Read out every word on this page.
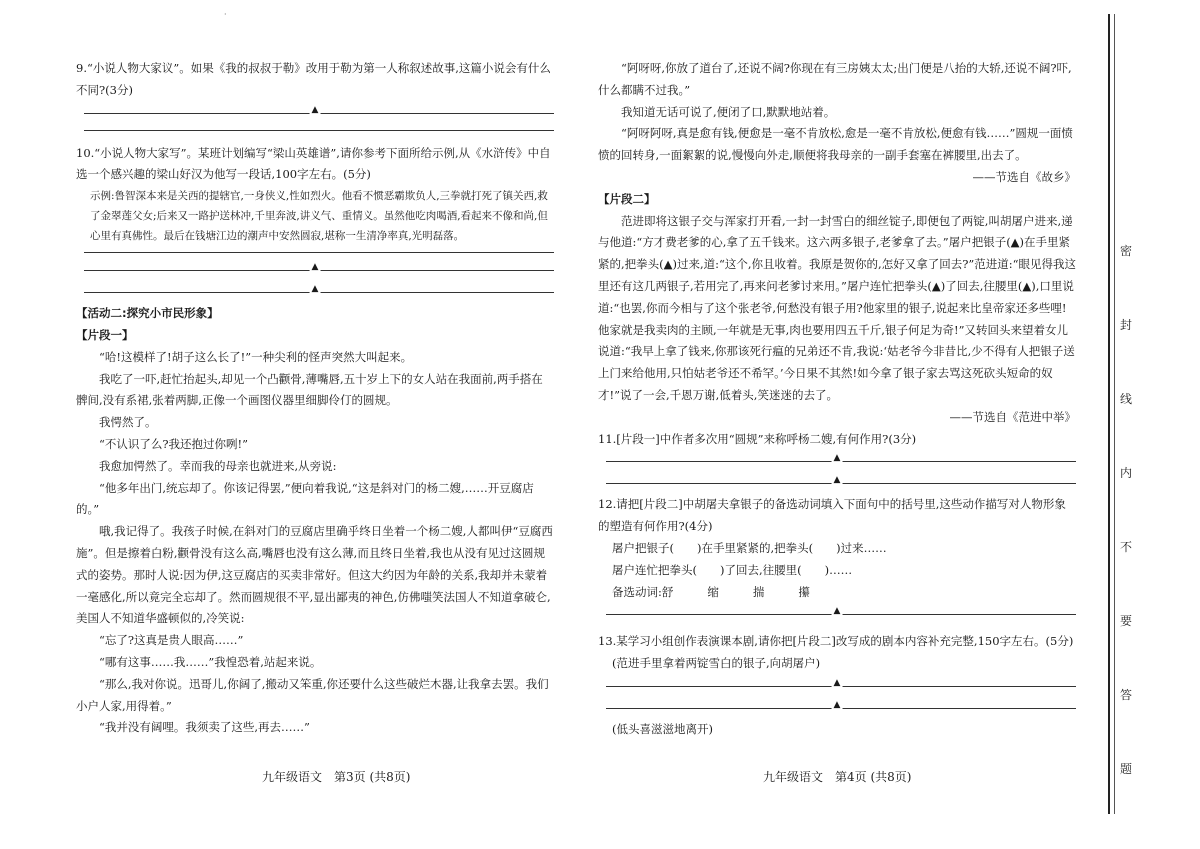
·

9.“小说人物大家议”。如果《我的叔叔于勒》改用于勒为第一人称叙述故事,这篇小说会有什么不同?(3分)

▲

10.“小说人物大家写”。某班计划编写“梁山英雄谱”,请你参考下面所给示例,从《水浒传》中自选一个感兴趣的梁山好汉为他写一段话,100字左右。(5分)

示例:鲁智深本来是关西的提辖官,一身侠义,性如烈火。他看不惯恶霸欺负人,三拳就打死了镇关西,救了金翠莲父女;后来又一路护送林冲,千里奔波,讲义气、重情义。虽然他吃肉喝酒,看起来不像和尚,但心里有真佛性。最后在钱塘江边的潮声中安然圆寂,堪称一生清净率真,光明磊落。

▲
▲

【活动二:探究小市民形象】

【片段一】

“哈!这模样了!胡子这么长了!”一种尖利的怪声突然大叫起来。

我吃了一吓,赶忙抬起头,却见一个凸颧骨,薄嘴唇,五十岁上下的女人站在我面前,两手搭在髀间,没有系裙,张着两脚,正像一个画图仪器里细脚伶仃的圆规。

我愕然了。

“不认识了么?我还抱过你咧!”

我愈加愕然了。幸而我的母亲也就进来,从旁说:

“他多年出门,统忘却了。你该记得罢,”便向着我说,“这是斜对门的杨二嫂,……开豆腐店的。”

哦,我记得了。我孩子时候,在斜对门的豆腐店里确乎终日坐着一个杨二嫂,人都叫伊“豆腐西施”。但是擦着白粉,颧骨没有这么高,嘴唇也没有这么薄,而且终日坐着,我也从没有见过这圆规式的姿势。那时人说:因为伊,这豆腐店的买卖非常好。但这大约因为年龄的关系,我却并未蒙着一毫感化,所以竟完全忘却了。然而圆规很不平,显出鄙夷的神色,仿佛嗤笑法国人不知道拿破仑,美国人不知道华盛顿似的,冷笑说:

“忘了?这真是贵人眼高……”

“哪有这事……我……”我惶恐着,站起来说。

“那么,我对你说。迅哥儿,你阔了,搬动又笨重,你还要什么这些破烂木器,让我拿去罢。我们小户人家,用得着。”

“我并没有阔哩。我须卖了这些,再去……”

“阿呀呀,你放了道台了,还说不阔?你现在有三房姨太太;出门便是八抬的大轿,还说不阔?吓,什么都瞒不过我。”

我知道无话可说了,便闭了口,默默地站着。

“阿呀阿呀,真是愈有钱,便愈是一毫不肯放松,愈是一毫不肯放松,便愈有钱……”圆规一面愤愤的回转身,一面絮絮的说,慢慢向外走,顺便将我母亲的一副手套塞在裤腰里,出去了。

——节选自《故乡》

【片段二】

范进即将这银子交与浑家打开看,一封一封雪白的细丝锭子,即便包了两锭,叫胡屠户进来,递与他道:“方才费老爹的心,拿了五千钱来。这六两多银子,老爹拿了去。”屠户把银子(▲)在手里紧紧的,把拳头(▲)过来,道:“这个,你且收着。我原是贺你的,怎好又拿了回去?”范进道:“眼见得我这里还有这几两银子,若用完了,再来问老爹讨来用。”屠户连忙把拳头(▲)了回去,往腰里(▲),口里说道:“也罢,你而今相与了这个张老爷,何愁没有银子用?他家里的银子,说起来比皇帝家还多些哩!他家就是我卖肉的主顾,一年就是无事,肉也要用四五千斤,银子何足为奇!”又转回头来望着女儿说道:“我早上拿了钱来,你那该死行瘟的兄弟还不肯,我说:‘姑老爷今非昔比,少不得有人把银子送上门来给他用,只怕姑老爷还不希罕。’今日果不其然!如今拿了银子家去骂这死砍头短命的奴才!”说了一会,千恩万谢,低着头,笑迷迷的去了。

——节选自《范进中举》

11.[片段一]中作者多次用“圆规”来称呼杨二嫂,有何作用?(3分)

▲
▲

12.请把[片段二]中胡屠夫拿银子的备选动词填入下面句中的括号里,这些动作描写对人物形象的塑造有何作用?(4分)

屠户把银子(　　)在手里紧紧的,把拳头(　　)过来……

屠户连忙把拳头(　　)了回去,往腰里(　　)……

备选动词:舒	缩	揣	攥

▲

13.某学习小组创作表演课本剧,请你把[片段二]改写成的剧本内容补充完整,150字左右。(5分)

(范进手里拿着两锭雪白的银子,向胡屠户)

▲
▲

(低头喜滋滋地离开)

九年级语文　第3页 (共8页)	九年级语文　第4页 (共8页)
密
封
线
内
不
要
答
题
